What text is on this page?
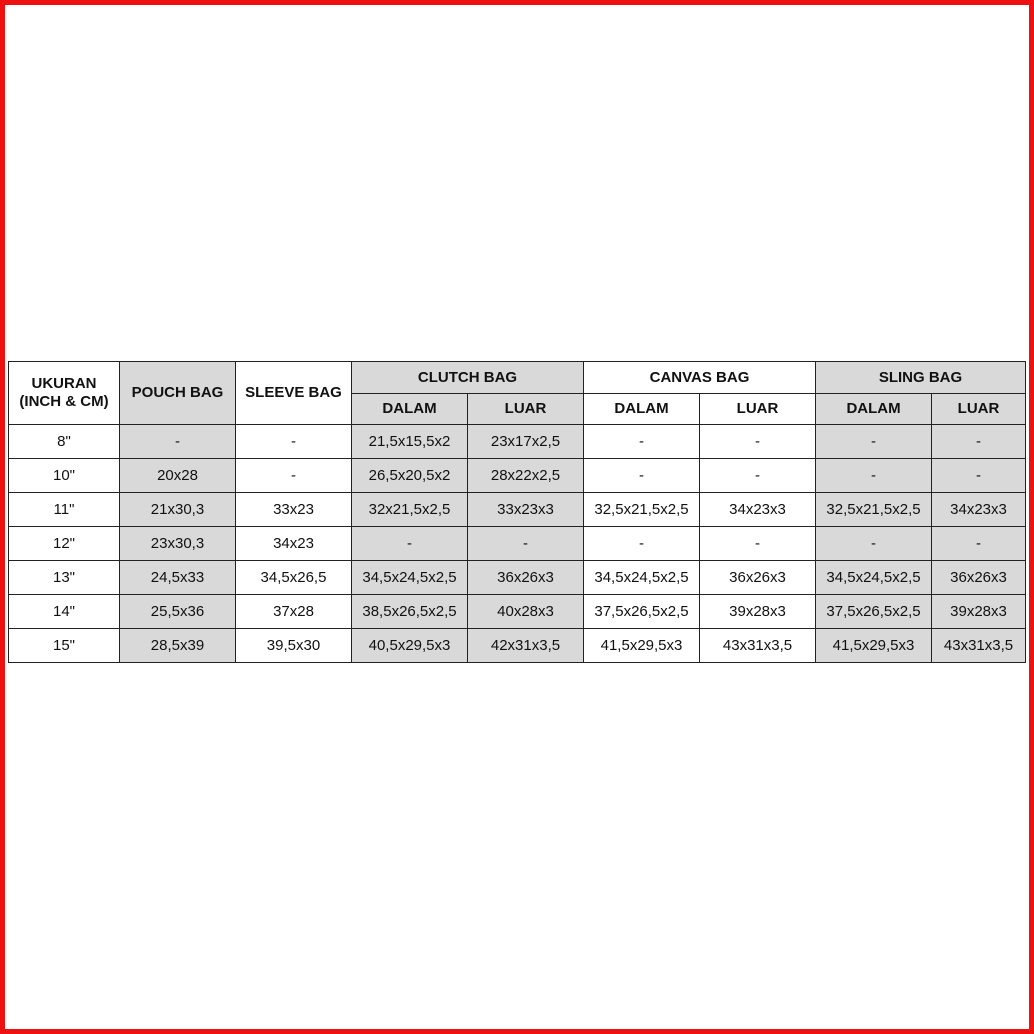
UKURAN
(INCH & CM)	POUCH BAG	SLEEVE BAG	CLUTCH BAG		CANVAS BAG		SLING BAG	
			DALAM	LUAR	DALAM	LUAR	DALAM	LUAR
8"	-	-	21,5x15,5x2	23x17x2,5	-	-	-	-
10"	20x28	-	26,5x20,5x2	28x22x2,5	-	-	-	-
11"	21x30,3	33x23	32x21,5x2,5	33x23x3	32,5x21,5x2,5	34x23x3	32,5x21,5x2,5	34x23x3
12"	23x30,3	34x23	-	-	-	-	-	-
13"	24,5x33	34,5x26,5	34,5x24,5x2,5	36x26x3	34,5x24,5x2,5	36x26x3	34,5x24,5x2,5	36x26x3
14"	25,5x36	37x28	38,5x26,5x2,5	40x28x3	37,5x26,5x2,5	39x28x3	37,5x26,5x2,5	39x28x3
15"	28,5x39	39,5x30	40,5x29,5x3	42x31x3,5	41,5x29,5x3	43x31x3,5	41,5x29,5x3	43x31x3,5
